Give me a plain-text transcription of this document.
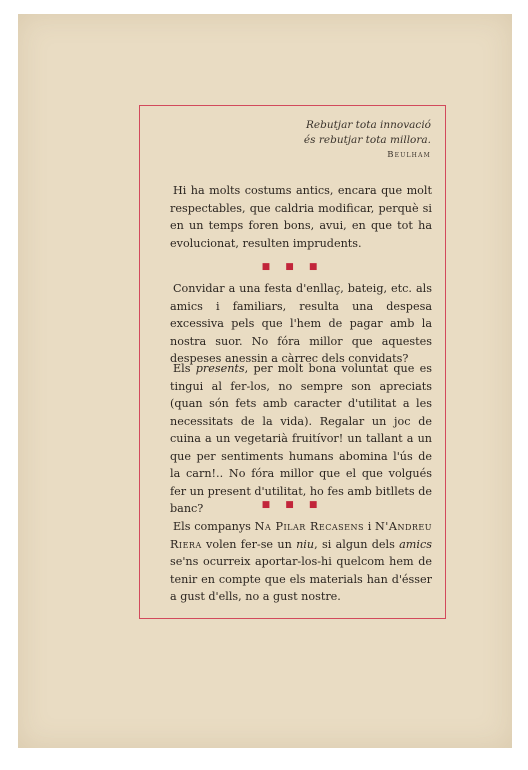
Rebutjar tota innovació
és rebutjar tota millora.
Beulham
Hi ha molts costums antics, encara que molt respectables, que caldria modificar, perquè si en un temps foren bons, avui, en que tot ha evolucionat, resulten imprudents.
■ ■ ■
Convidar a una festa d'enllaç, bateig, etc. als amics i familiars, resulta una despesa excessiva pels que l'hem de pagar amb la nostra suor. No fóra millor que aquestes despeses anessin a càrrec dels convidats?
Els presents, per molt bona voluntat que es tingui al fer-los, no sempre son apreciats (quan són fets amb caracter d'utilitat a les necessitats de la vida). Regalar un joc de cuina a un vegetarià fruitívor! un tallant a un que per sentiments humans abomina l'ús de la carn!.. No fóra millor que el que volgués fer un present d'utilitat, ho fes amb bitllets de banc?	■ ■ ■
Els companys Na Pilar Recasens i N'Andreu Riera volen fer-se un niu, si algun dels amics se'ns ocurreix aportar-los-hi quelcom hem de tenir en compte que els materials han d'ésser a gust d'ells, no a gust nostre.
